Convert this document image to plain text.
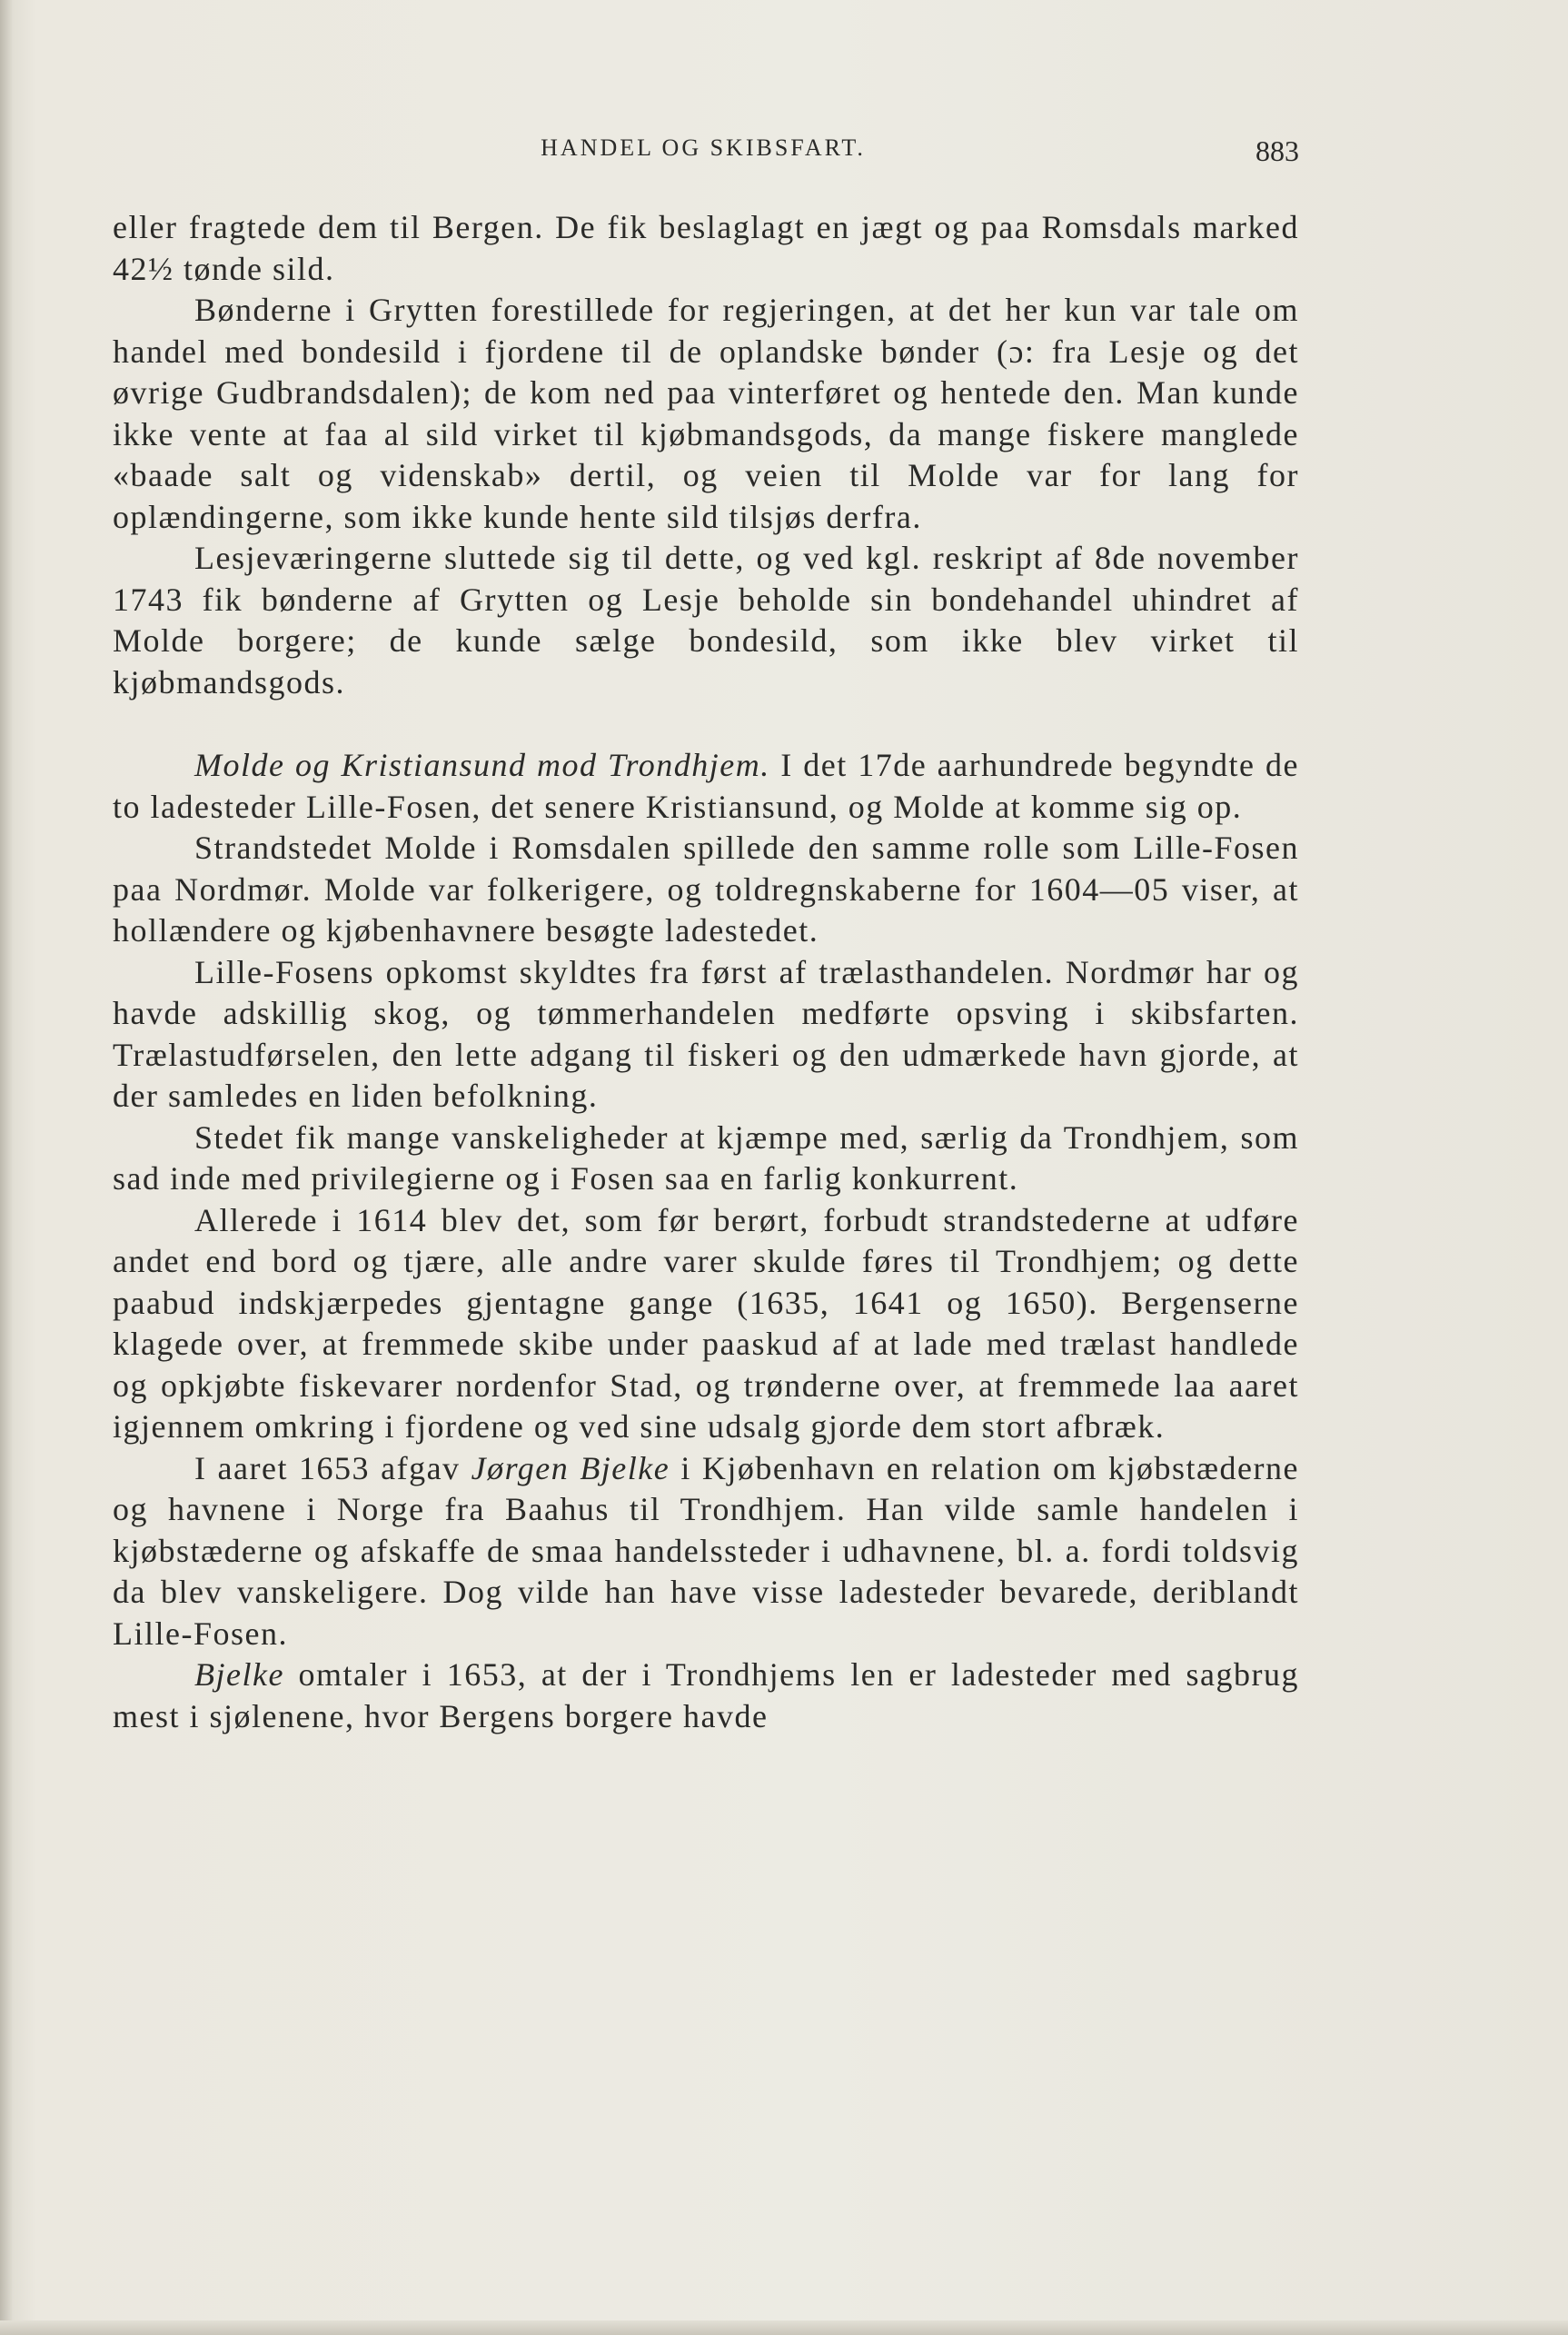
HANDEL OG SKIBSFART.	883

eller fragtede dem til Bergen. De fik beslaglagt en jægt og paa Romsdals marked 42½ tønde sild.

Bønderne i Grytten forestillede for regjeringen, at det her kun var tale om handel med bondesild i fjordene til de oplandske bønder (ɔ: fra Lesje og det øvrige Gudbrandsdalen); de kom ned paa vinterføret og hentede den. Man kunde ikke vente at faa al sild virket til kjøbmandsgods, da mange fiskere manglede «baade salt og videnskab» dertil, og veien til Molde var for lang for oplændingerne, som ikke kunde hente sild tilsjøs derfra.

Lesjeværingerne sluttede sig til dette, og ved kgl. reskript af 8de november 1743 fik bønderne af Grytten og Lesje beholde sin bondehandel uhindret af Molde borgere; de kunde sælge bondesild, som ikke blev virket til kjøbmandsgods.

Molde og Kristiansund mod Trondhjem. I det 17de aarhundrede begyndte de to ladesteder Lille-Fosen, det senere Kristiansund, og Molde at komme sig op.

Strandstedet Molde i Romsdalen spillede den samme rolle som Lille-Fosen paa Nordmør. Molde var folkerigere, og toldregnskaberne for 1604—05 viser, at hollændere og kjøbenhavnere besøgte ladestedet.

Lille-Fosens opkomst skyldtes fra først af trælasthandelen. Nordmør har og havde adskillig skog, og tømmerhandelen medførte opsving i skibsfarten. Trælastudførselen, den lette adgang til fiskeri og den udmærkede havn gjorde, at der samledes en liden befolkning.

Stedet fik mange vanskeligheder at kjæmpe med, særlig da Trondhjem, som sad inde med privilegierne og i Fosen saa en farlig konkurrent.

Allerede i 1614 blev det, som før berørt, forbudt strandstederne at udføre andet end bord og tjære, alle andre varer skulde føres til Trondhjem; og dette paabud indskjærpedes gjentagne gange (1635, 1641 og 1650). Bergenserne klagede over, at fremmede skibe under paaskud af at lade med trælast handlede og opkjøbte fiskevarer nordenfor Stad, og trønderne over, at fremmede laa aaret igjennem omkring i fjordene og ved sine udsalg gjorde dem stort afbræk.

I aaret 1653 afgav Jørgen Bjelke i Kjøbenhavn en relation om kjøbstæderne og havnene i Norge fra Baahus til Trondhjem. Han vilde samle handelen i kjøbstæderne og afskaffe de smaa handelssteder i udhavnene, bl. a. fordi toldsvig da blev vanskeligere. Dog vilde han have visse ladesteder bevarede, deriblandt Lille-Fosen.

Bjelke omtaler i 1653, at der i Trondhjems len er ladesteder med sagbrug mest i sjølenene, hvor Bergens borgere havde
